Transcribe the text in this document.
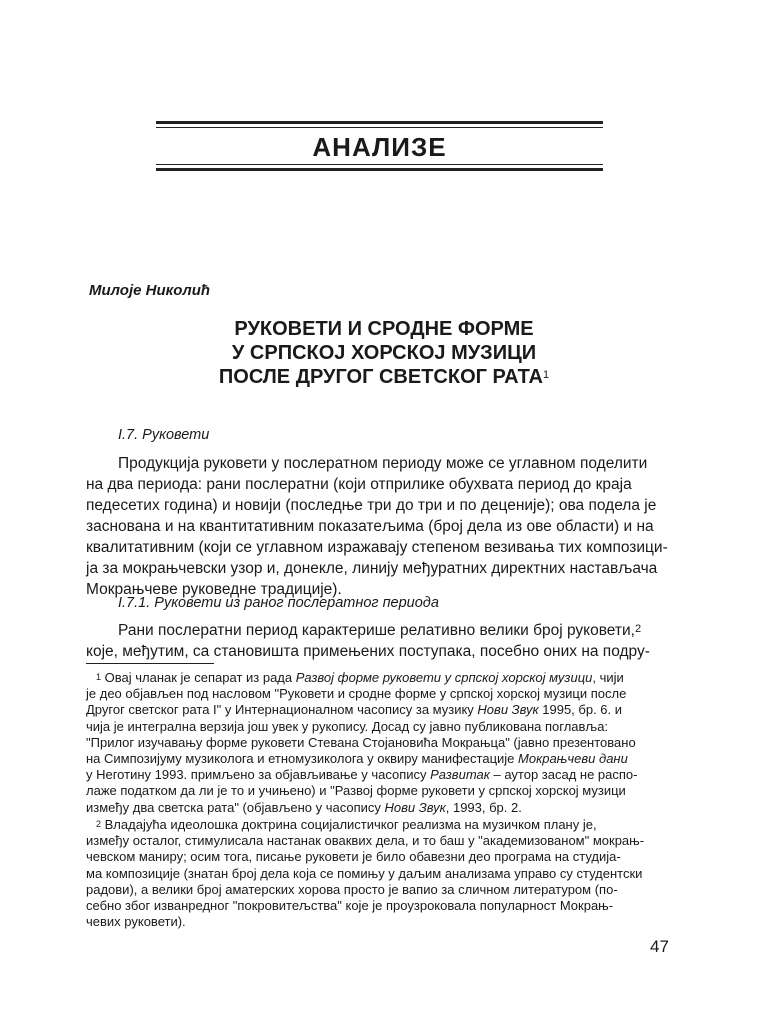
АНАЛИЗЕ
Милоје Николић
РУКОВЕТИ И СРОДНЕ ФОРМЕ
У СРПСКОЈ ХОРСКОЈ МУЗИЦИ
ПОСЛЕ ДРУГОГ СВЕТСКОГ РАТА$^1$
I.7. Руковети
Продукција руковети у послератном периоду може се углавном поделити
на два периода: рани послератни (који отприлике обухвата период до краја
педесетих година) и новији (последње три до три и по деценије); ова подела је
заснована и на квантитативним показатељима (број дела из ове области) и на
квалитативним (који се углавном изражавају степеном везивања тих композици-
ја за мокрањчевски узор и, донекле, линију међуратних директних настављача
Мокрањчеве руковедне традиције).
I.7.1. Руковети из раног послератног периода
Рани послератни период карактерише релативно велики број руковети,$^2$
које, међутим, са становишта примењених поступака, посебно оних на подру-
$^1$ Овај чланак је сепарат из рада Развој форме руковети у српској хорској музици, чији
је део објављен под насловом "Руковети и сродне форме у српској хорској музици после
Другог светског рата I" у Интернационалном часопису за музику Нови Звук 1995, бр. 6. и
чија је интегрална верзија још увек у рукопису. Досад су јавно публикована поглавља:
"Прилог изучавању форме руковети Стевана Стојановића Мокрањца" (јавно презентовано
на Симпозијуму музиколога и етномузиколога у оквиру манифестације Мокрањчеви дани
у Неготину 1993. примљено за објављивање у часопису Развитак – аутор засад не распо-
лаже податком да ли је то и учињено) и "Развој форме руковети у српској хорској музици
између два светска рата" (објављено у часопису Нови Звук, 1993, бр. 2.
$^2$ Владајућа идеолошка доктрина социјалистичког реализма на музичком плану је,
између осталог, стимулисала настанак оваквих дела, и то баш у "академизованом" мокрањ-
чевском маниру; осим тога, писање руковети је било обавезни део програма на студија-
ма композиције (знатан број дела која се помињу у даљим анализама управо су студентски
радови), а велики број аматерских хорова просто је вапио за сличном литературом (по-
себно због изванредног "покровитељства" које је проузроковала популарност Мокрањ-
чевих руковети).
47
